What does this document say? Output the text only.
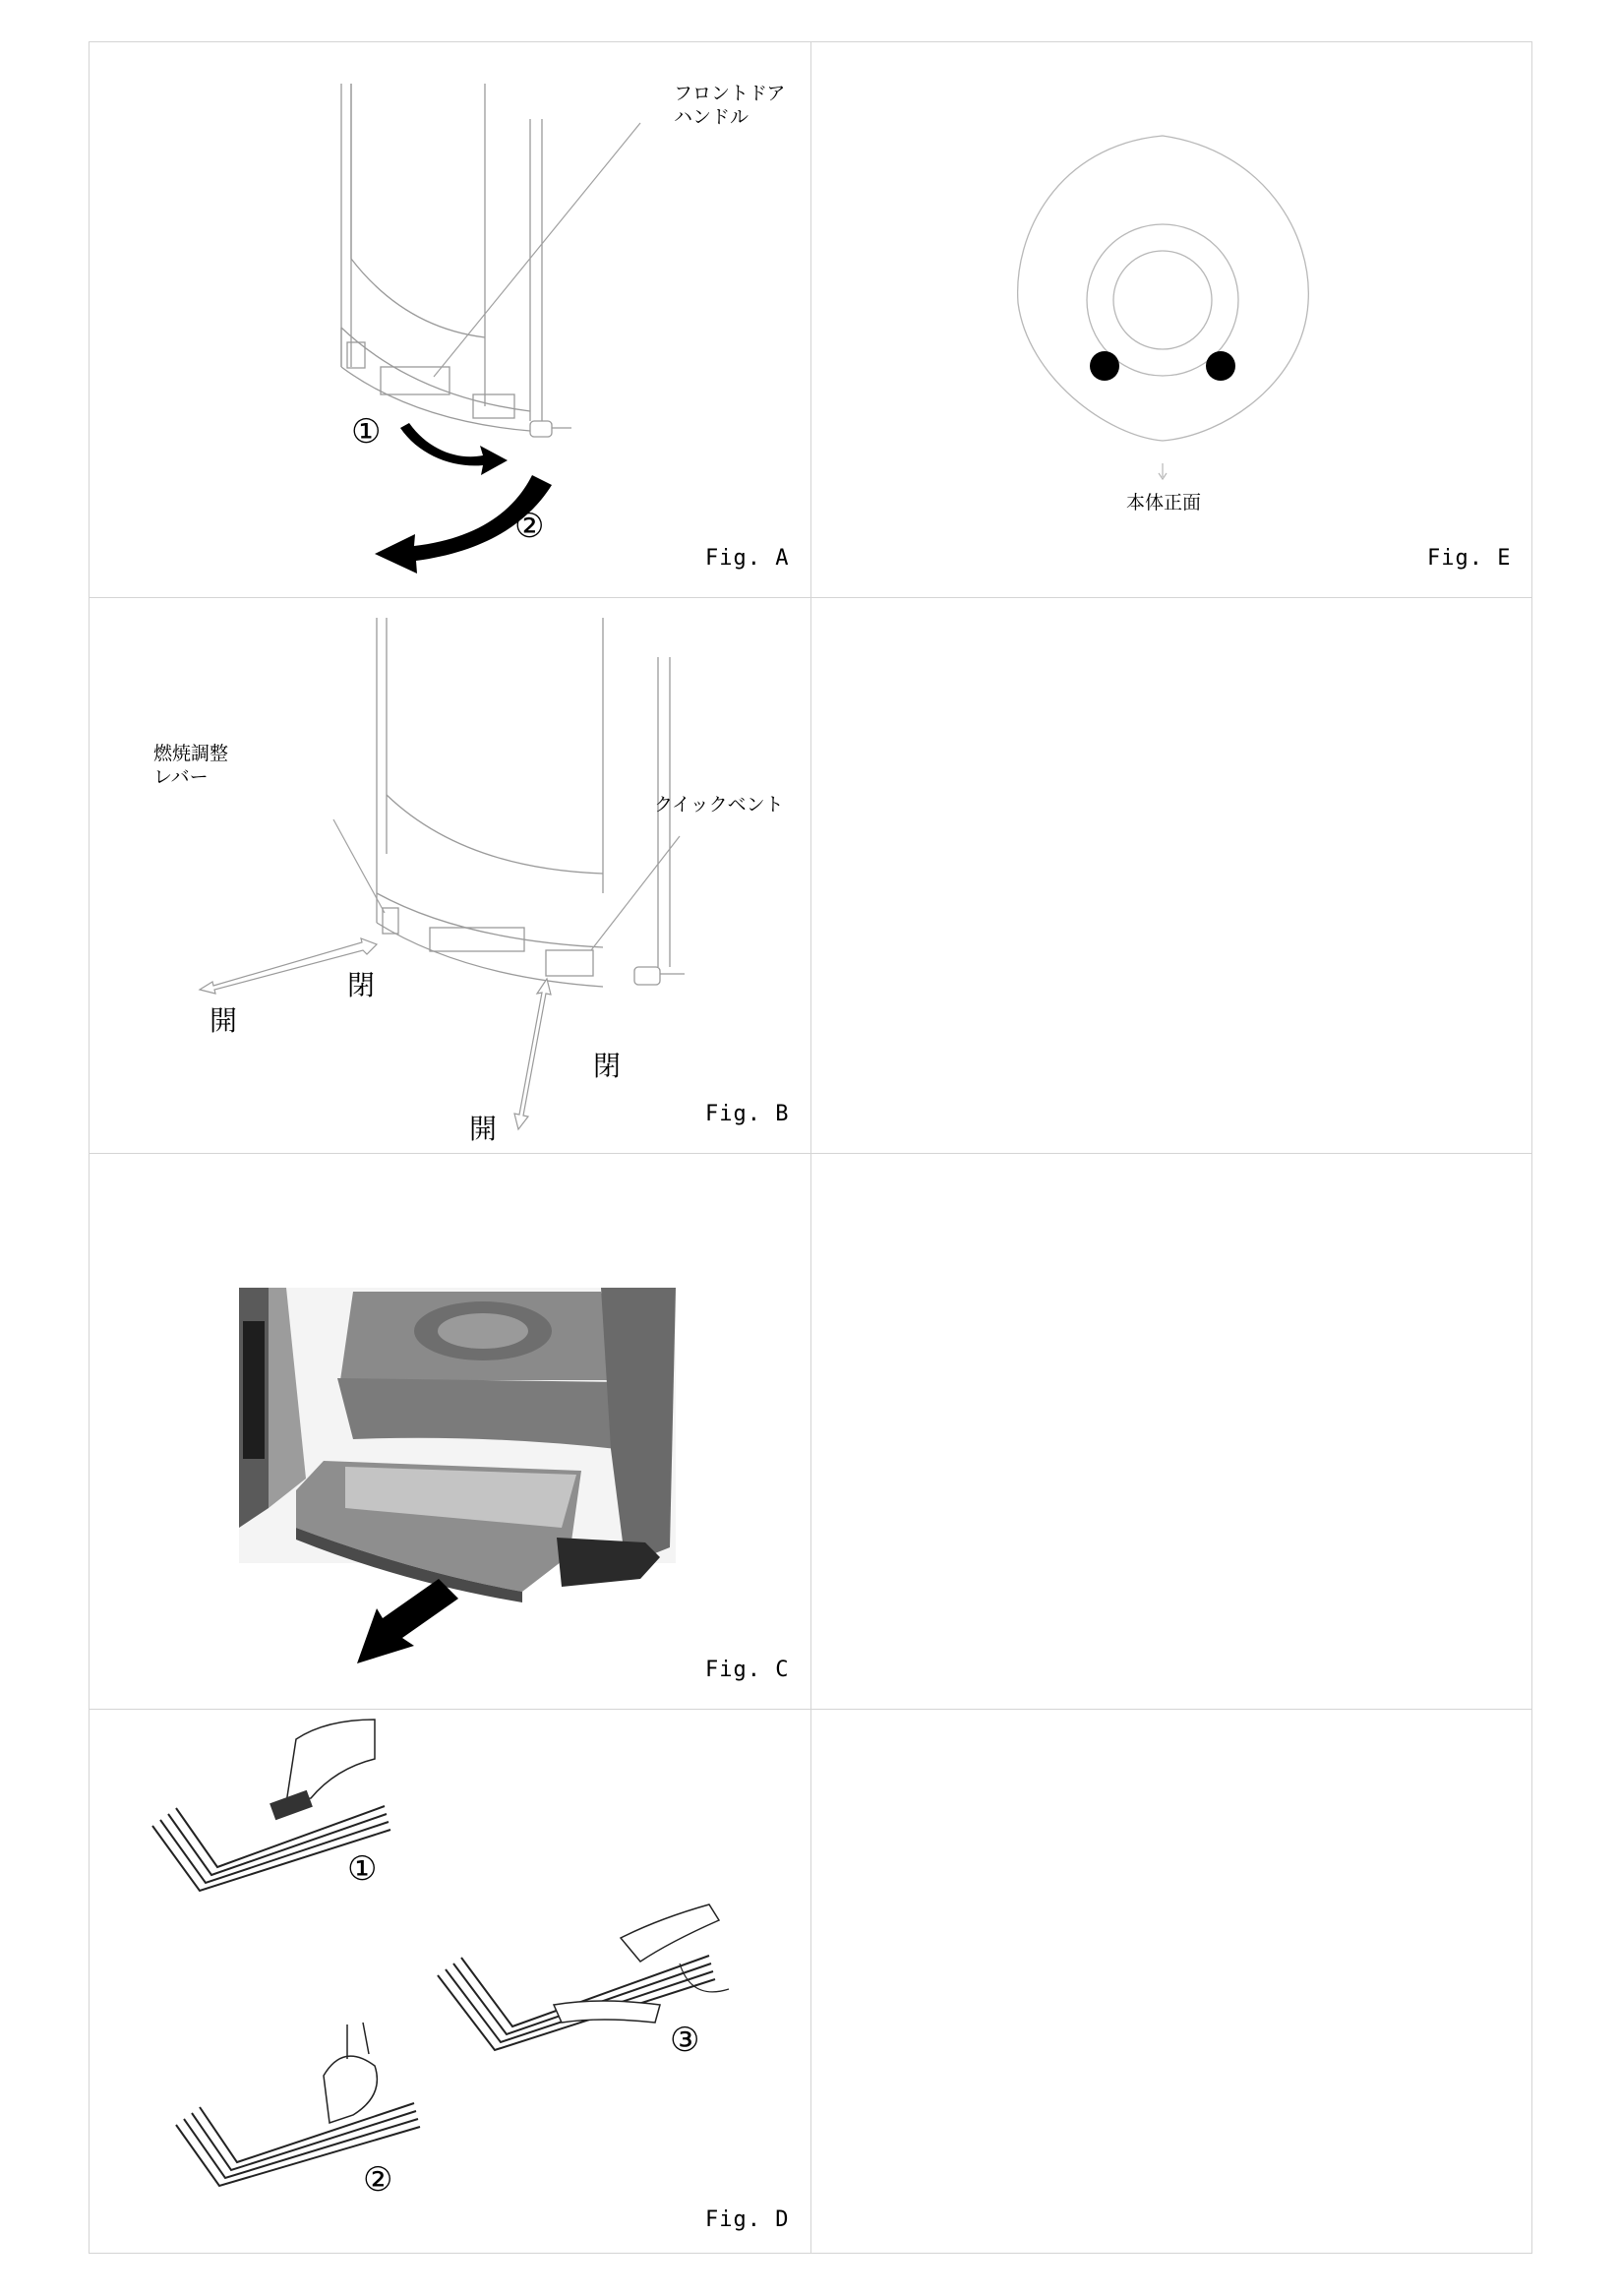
フロントドア
ハンドル
①
②
Fig. A
本体正面
Fig. E
燃焼調整
レバー
クイックベント
閉
開
閉
開	Fig. B
Fig. C
①
②
③
Fig. D
